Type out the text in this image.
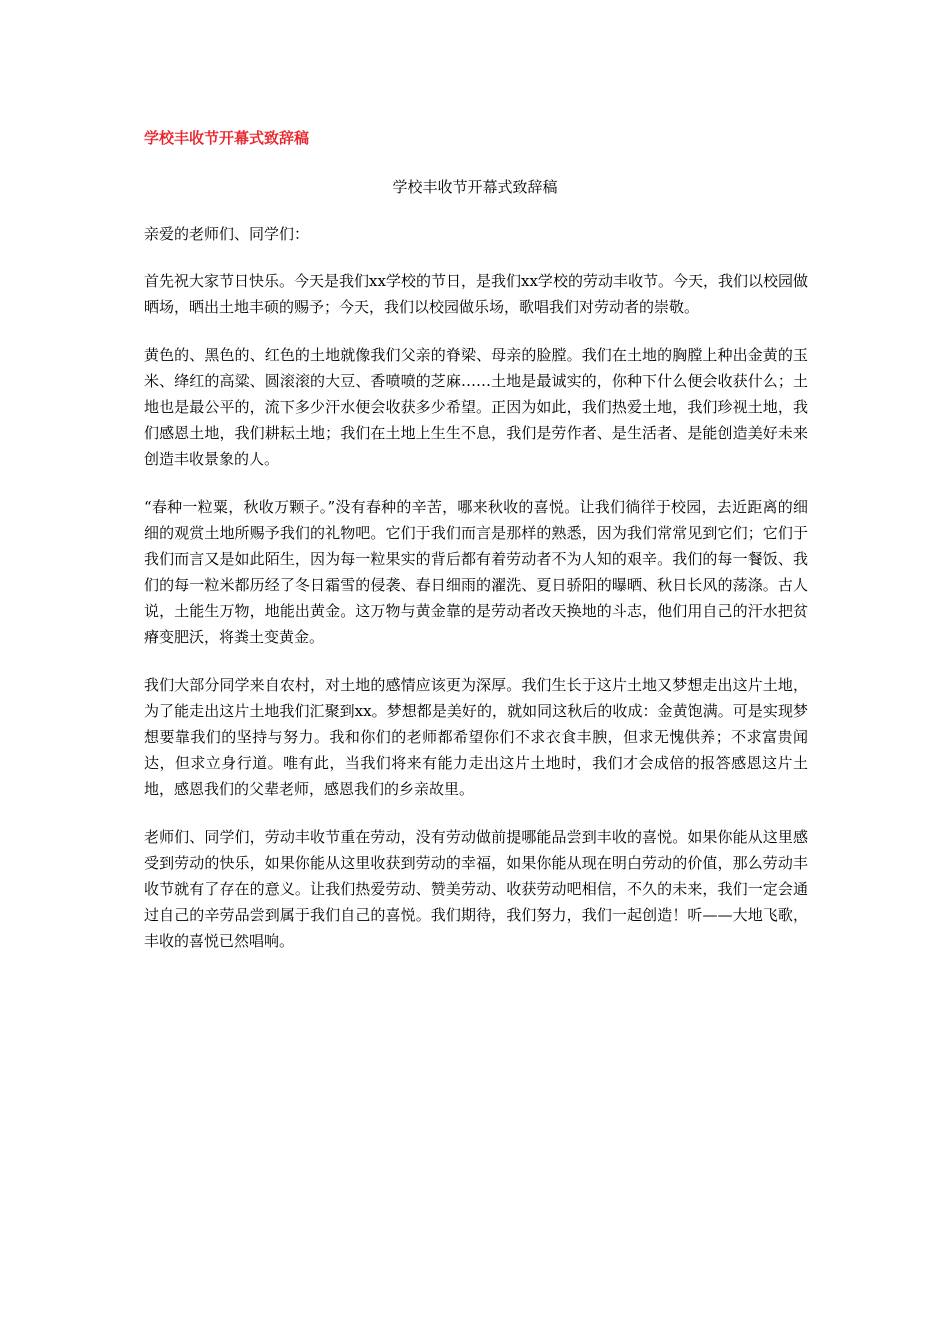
学校丰收节开幕式致辞稿
学校丰收节开幕式致辞稿
亲爱的老师们、同学们：

首先祝大家节日快乐。今天是我们xx学校的节日，是我们xx学校的劳动丰收节。今天，我们以校园做晒场，晒出土地丰硕的赐予；今天，我们以校园做乐场，歌唱我们对劳动者的崇敬。

黄色的、黑色的、红色的土地就像我们父亲的脊梁、母亲的脸膛。我们在土地的胸膛上种出金黄的玉米、绛红的高粱、圆滚滚的大豆、香喷喷的芝麻……土地是最诚实的，你种下什么便会收获什么；土地也是最公平的，流下多少汗水便会收获多少希望。正因为如此，我们热爱土地，我们珍视土地，我们感恩土地，我们耕耘土地；我们在土地上生生不息，我们是劳作者、是生活者、是能创造美好未来创造丰收景象的人。

“春种一粒粟，秋收万颗子。”没有春种的辛苦，哪来秋收的喜悦。让我们徜徉于校园，去近距离的细细的观赏土地所赐予我们的礼物吧。它们于我们而言是那样的熟悉，因为我们常常见到它们；它们于我们而言又是如此陌生，因为每一粒果实的背后都有着劳动者不为人知的艰辛。我们的每一餐饭、我们的每一粒米都历经了冬日霜雪的侵袭、春日细雨的濯洗、夏日骄阳的曝晒、秋日长风的荡涤。古人说，土能生万物，地能出黄金。这万物与黄金靠的是劳动者改天换地的斗志，他们用自己的汗水把贫瘠变肥沃，将粪土变黄金。

我们大部分同学来自农村，对土地的感情应该更为深厚。我们生长于这片土地又梦想走出这片土地，为了能走出这片土地我们汇聚到xx。梦想都是美好的，就如同这秋后的收成：金黄饱满。可是实现梦想要靠我们的坚持与努力。我和你们的老师都希望你们不求衣食丰腴，但求无愧供养；不求富贵闻达，但求立身行道。唯有此，当我们将来有能力走出这片土地时，我们才会成倍的报答感恩这片土地，感恩我们的父辈老师，感恩我们的乡亲故里。

老师们、同学们，劳动丰收节重在劳动，没有劳动做前提哪能品尝到丰收的喜悦。如果你能从这里感受到劳动的快乐，如果你能从这里收获到劳动的幸福，如果你能从现在明白劳动的价值，那么劳动丰收节就有了存在的意义。让我们热爱劳动、赞美劳动、收获劳动吧相信，不久的未来，我们一定会通过自己的辛劳品尝到属于我们自己的喜悦。我们期待，我们努力，我们一起创造！听——大地飞歌，丰收的喜悦已然唱响。
